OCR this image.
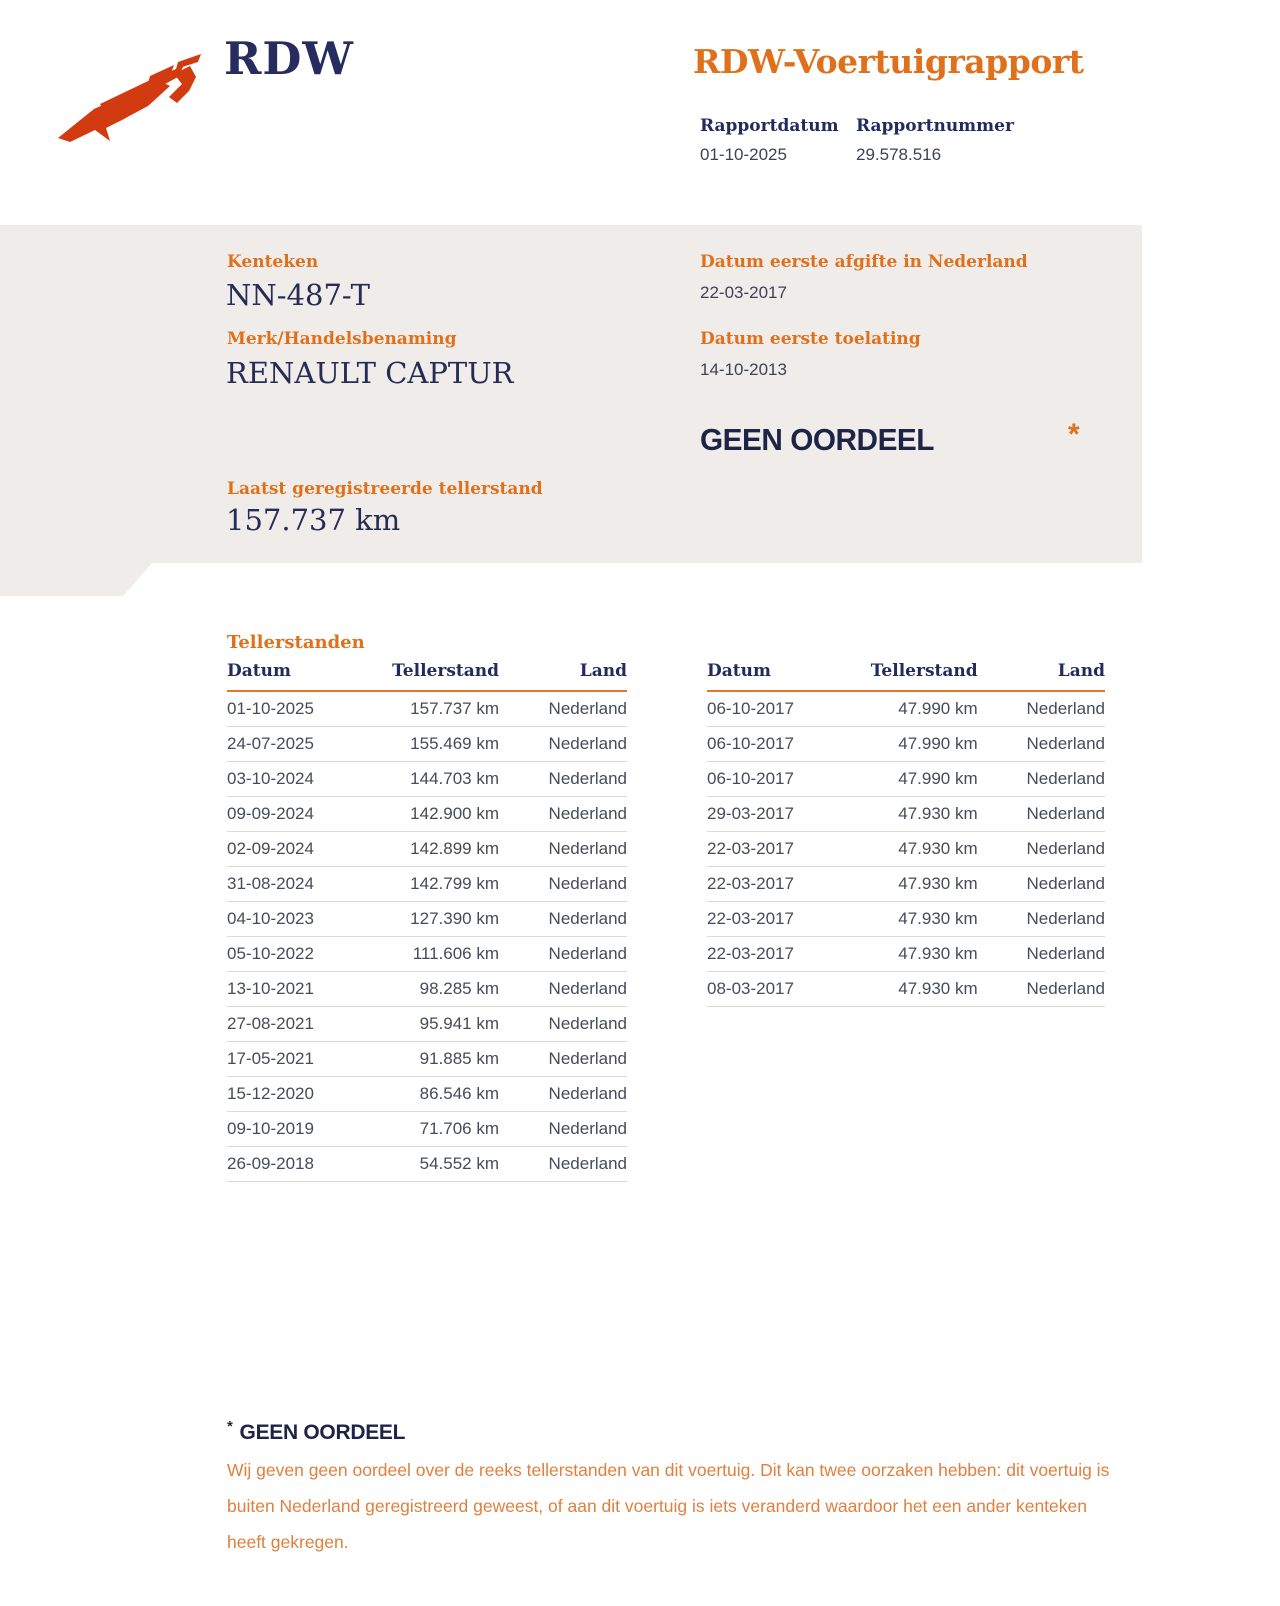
RDW	RDW-Voertuigrapport
Rapportdatum
01-10-2025
Rapportnummer
29.578.516
Kenteken
NN-487-T
Merk/Handelsbenaming
RENAULT CAPTUR
Datum eerste afgifte in Nederland
22-03-2017
Datum eerste toelating
14-10-2013
GEEN OORDEEL	*
Laatst geregistreerde tellerstand
157.737 km
Tellerstanden
Datum	Tellerstand	Land
01-10-2025	157.737 km	Nederland
24-07-2025	155.469 km	Nederland
03-10-2024	144.703 km	Nederland
09-09-2024	142.900 km	Nederland
02-09-2024	142.899 km	Nederland
31-08-2024	142.799 km	Nederland
04-10-2023	127.390 km	Nederland
05-10-2022	111.606 km	Nederland
13-10-2021	98.285 km	Nederland
27-08-2021	95.941 km	Nederland
17-05-2021	91.885 km	Nederland
15-12-2020	86.546 km	Nederland
09-10-2019	71.706 km	Nederland
26-09-2018	54.552 km	Nederland
Datum	Tellerstand	Land
06-10-2017	47.990 km	Nederland
06-10-2017	47.990 km	Nederland
06-10-2017	47.990 km	Nederland
29-03-2017	47.930 km	Nederland
22-03-2017	47.930 km	Nederland
22-03-2017	47.930 km	Nederland
22-03-2017	47.930 km	Nederland
22-03-2017	47.930 km	Nederland
08-03-2017	47.930 km	Nederland
* GEEN OORDEEL

Wij geven geen oordeel over de reeks tellerstanden van dit voertuig. Dit kan twee oorzaken hebben: dit voertuig is buiten Nederland geregistreerd geweest, of aan dit voertuig is iets veranderd waardoor het een ander kenteken heeft gekregen.
